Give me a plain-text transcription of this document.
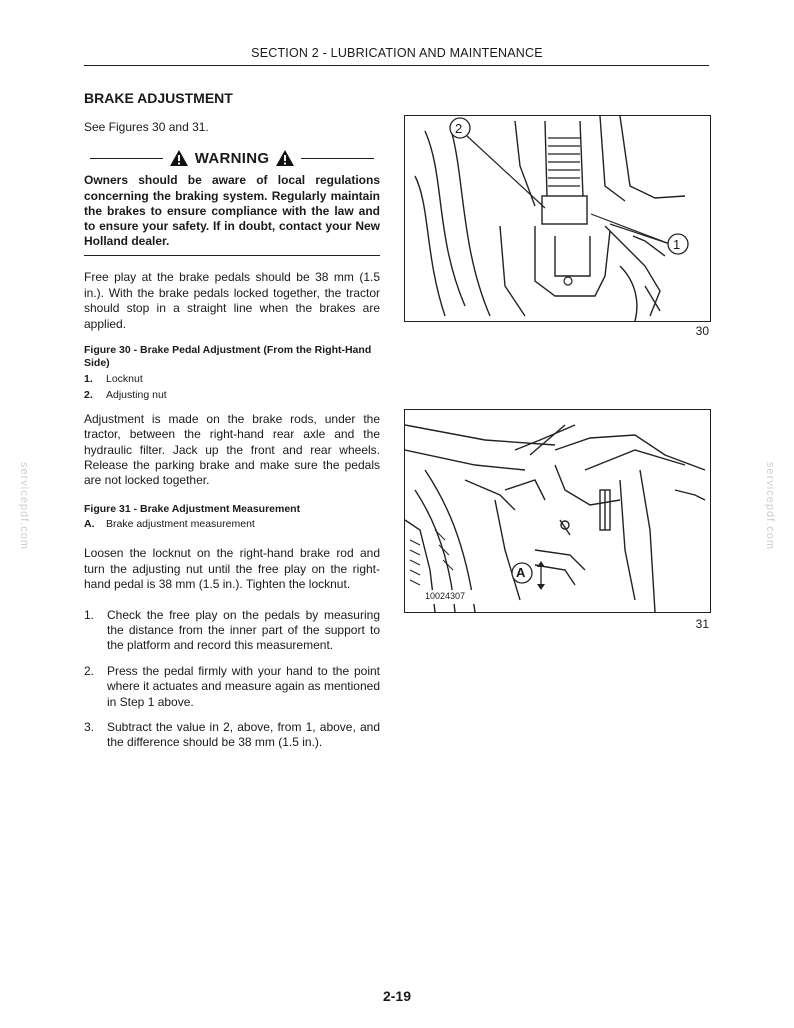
SECTION 2 - LUBRICATION AND MAINTENANCE
servicepdf.com	servicepdf.com
BRAKE ADJUSTMENT

See Figures 30 and 31.

WARNING
Owners should be aware of local regulations concerning the braking system. Regularly maintain the brakes to ensure compliance with the law and to ensure your safety. If in doubt, contact your New Holland dealer.

Free play at the brake pedals should be 38 mm (1.5 in.). With the brake pedals locked together, the tractor should stop in a straight line when the brakes are applied.

Figure 30 - Brake Pedal Adjustment (From the Right-Hand Side)

1.	Locknut
2.	Adjusting nut

Adjustment is made on the brake rods, under the tractor, between the right-hand rear axle and the hydraulic filter. Jack up the front and rear wheels. Release the parking brake and make sure the pedals are not locked together.

Figure 31 - Brake Adjustment Measurement

A.	Brake adjustment measurement

Loosen the locknut on the right-hand brake rod and turn the adjusting nut until the free play on the right-hand pedal is 38 mm (1.5 in.). Tighten the locknut.

1.	Check the free play on the pedals by measuring the distance from the inner part of the support to the platform and record this measurement.
2.	Press the pedal firmly with your hand to the point where it actuates and measure again as mentioned in Step 1 above.
3.	Subtract the value in 2, above, from 1, above, and the difference should be 38 mm (1.5 in.).
2
1
30
A
10024307
31
2-19
